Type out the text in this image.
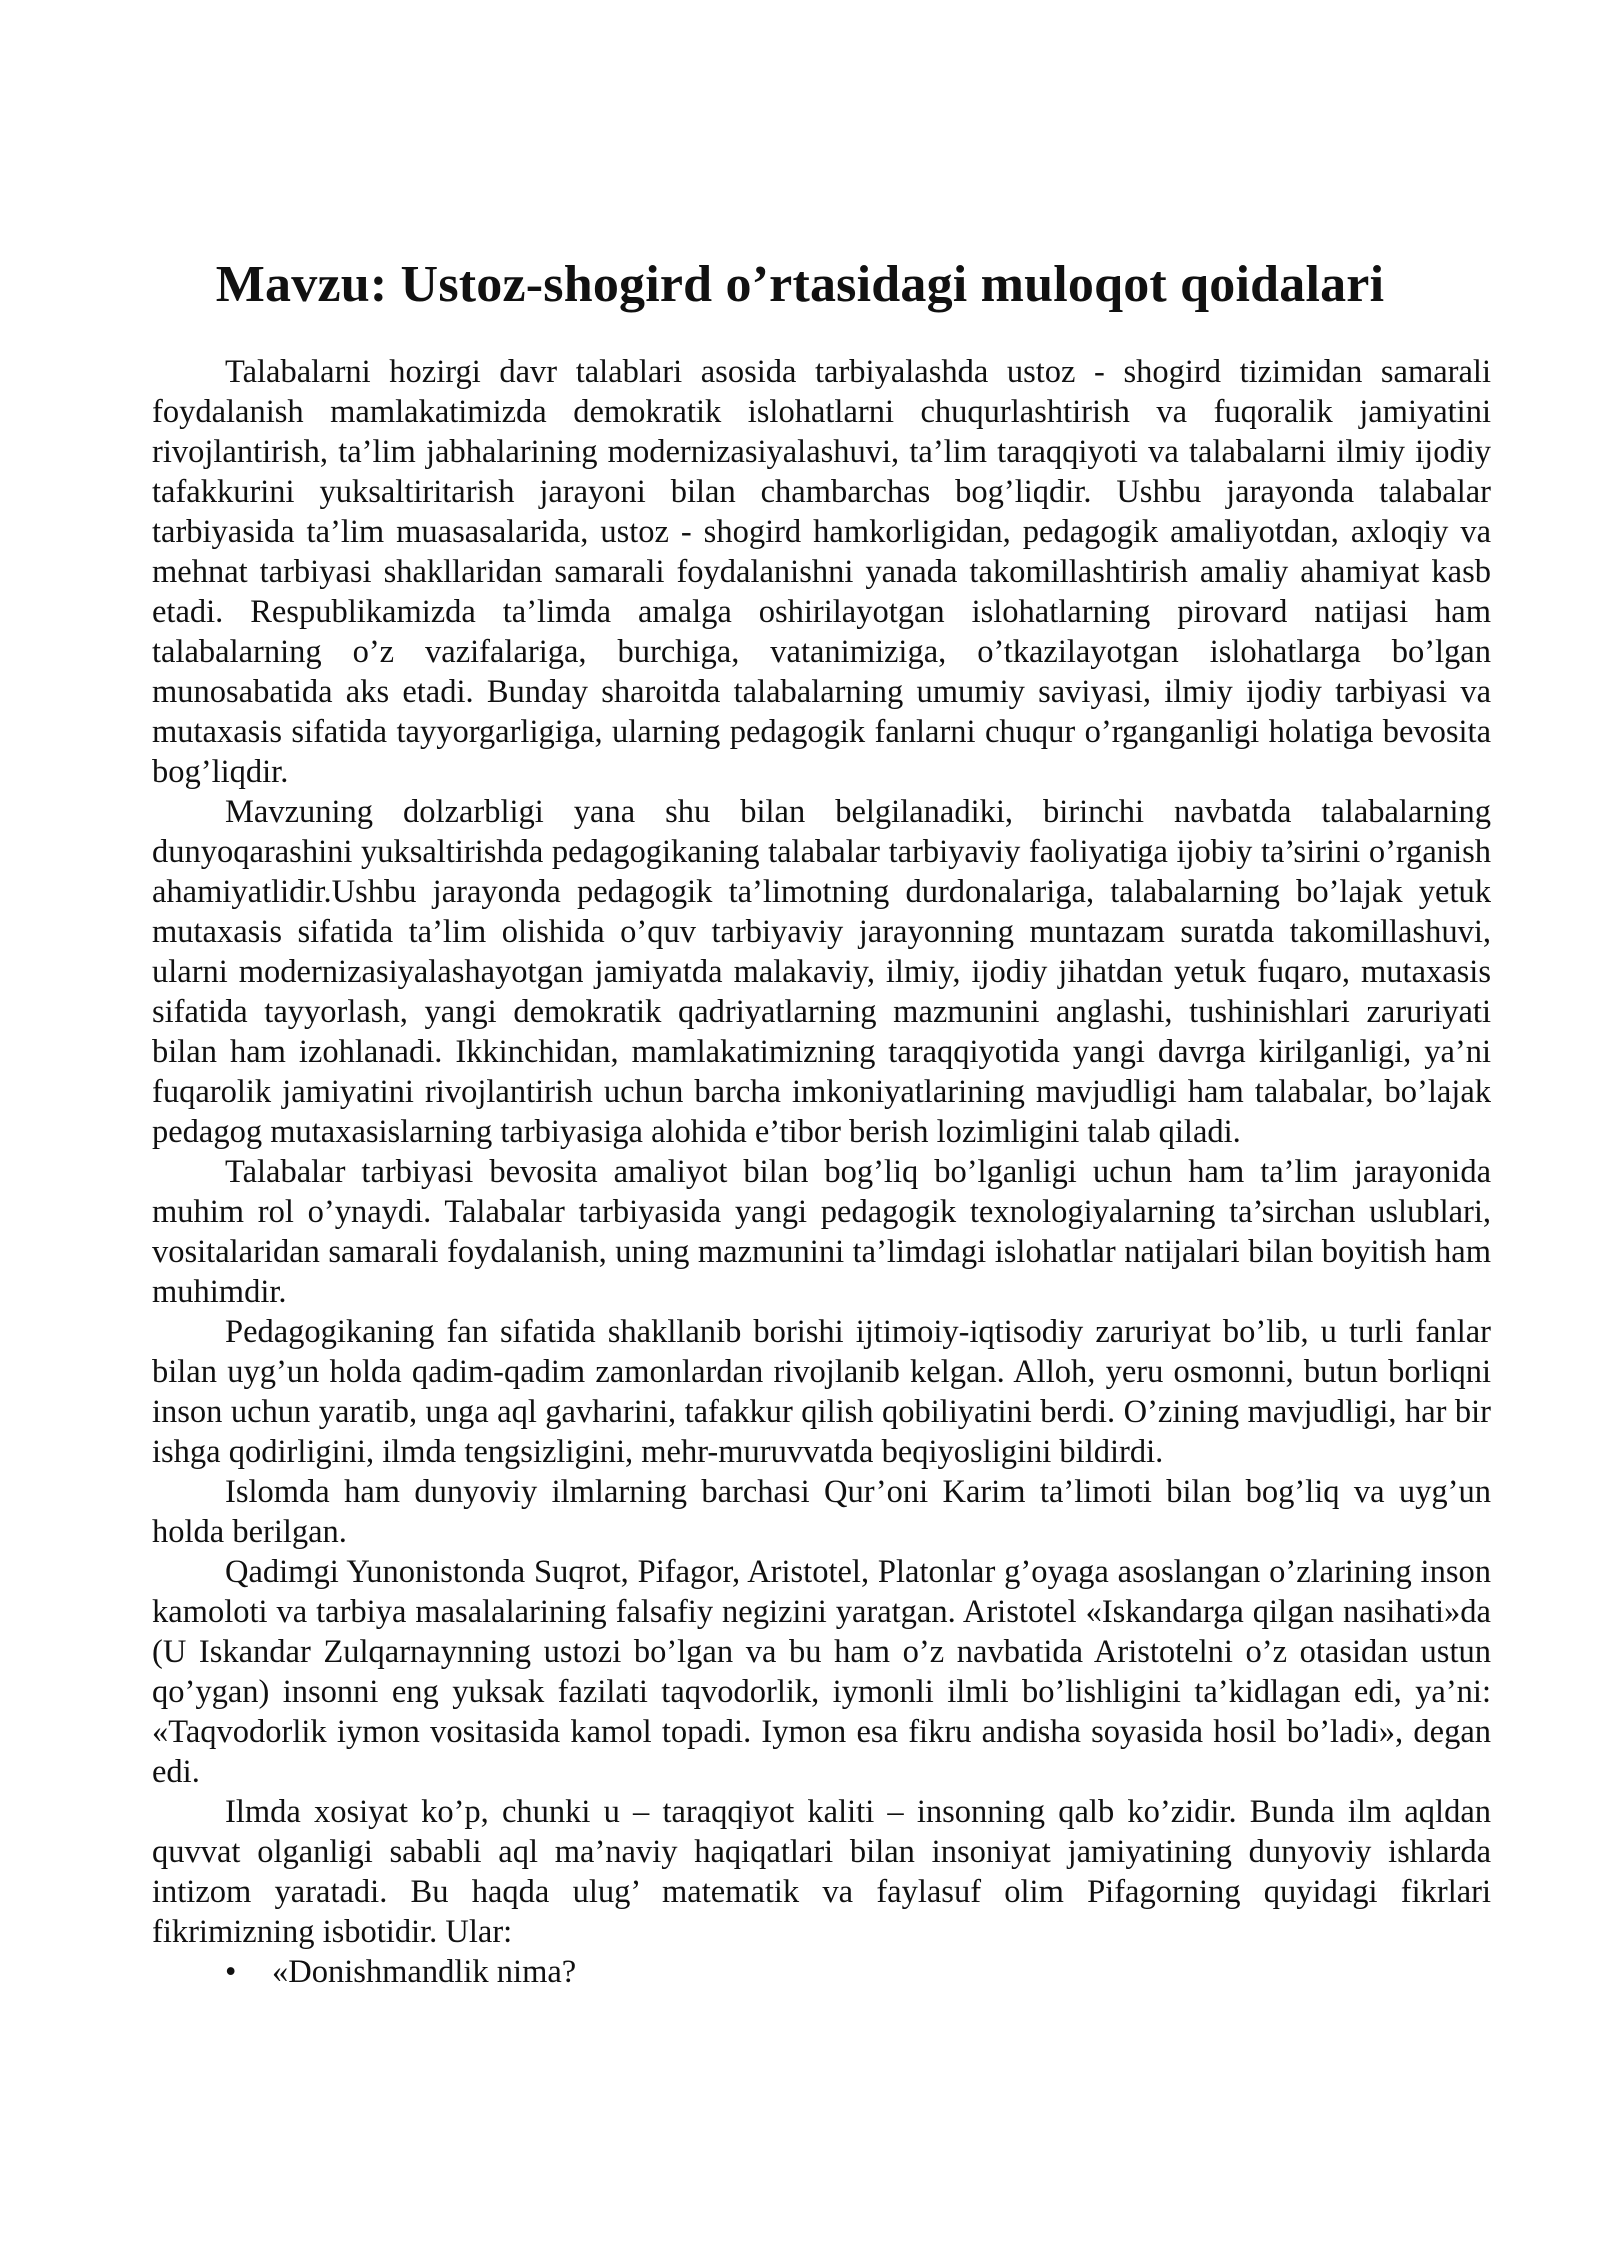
Mavzu: Ustoz-shogird o’rtasidagi muloqot qoidalari

Talabalarni hozirgi davr talablari asosida tarbiyalashda ustoz - shogird tizimidan samarali foydalanish mamlakatimizda demokratik islohatlarni chuqurlashtirish va fuqoralik jamiyatini rivojlantirish, ta’lim jabhalarining modernizasiyalashuvi, ta’lim taraqqiyoti va talabalarni ilmiy ijodiy tafakkurini yuksaltiritarish jarayoni bilan chambarchas bog’liqdir. Ushbu jarayonda talabalar tarbiyasida ta’lim muasasalarida, ustoz - shogird hamkorligidan, pedagogik amaliyotdan, axloqiy va mehnat tarbiyasi shakllaridan samarali foydalanishni yanada takomillashtirish amaliy ahamiyat kasb etadi. Respublikamizda ta’limda amalga oshirilayotgan islohatlarning pirovard natijasi ham talabalarning o’z vazifalariga, burchiga, vatanimiziga, o’tkazilayotgan islohatlarga bo’lgan munosabatida aks etadi. Bunday sharoitda talabalarning umumiy saviyasi, ilmiy ijodiy tarbiyasi va mutaxasis sifatida tayyorgarligiga, ularning pedagogik fanlarni chuqur o’rganganligi holatiga bevosita bog’liqdir.

Mavzuning dolzarbligi yana shu bilan belgilanadiki, birinchi navbatda talabalarning dunyoqarashini yuksaltirishda pedagogikaning talabalar tarbiyaviy faoliyatiga ijobiy ta’sirini o’rganish ahamiyatlidir.Ushbu jarayonda pedagogik ta’limotning durdonalariga, talabalarning bo’lajak yetuk mutaxasis sifatida ta’lim olishida o’quv tarbiyaviy jarayonning muntazam suratda takomillashuvi, ularni modernizasiyalashayotgan jamiyatda malakaviy, ilmiy, ijodiy jihatdan yetuk fuqaro, mutaxasis sifatida tayyorlash, yangi demokratik qadriyatlarning mazmunini anglashi, tushinishlari zaruriyati bilan ham izohlanadi. Ikkinchidan, mamlakatimizning taraqqiyotida yangi davrga kirilganligi, ya’ni fuqarolik jamiyatini rivojlantirish uchun barcha imkoniyatlarining mavjudligi ham talabalar, bo’lajak pedagog mutaxasislarning tarbiyasiga alohida e’tibor berish lozimligini talab qiladi.

Talabalar tarbiyasi bevosita amaliyot bilan bog’liq bo’lganligi uchun ham ta’lim jarayonida muhim rol o’ynaydi. Talabalar tarbiyasida yangi pedagogik texnologiyalarning ta’sirchan uslublari, vositalaridan samarali foydalanish, uning mazmunini ta’limdagi islohatlar natijalari bilan boyitish ham muhimdir.

Pedagogikaning fan sifatida shakllanib borishi ijtimoiy-iqtisodiy zaruriyat bo’lib, u turli fanlar bilan uyg’un holda qadim-qadim zamonlardan rivojlanib kelgan. Alloh, yeru osmonni, butun borliqni inson uchun yaratib, unga aql gavharini, tafakkur qilish qobiliyatini berdi. O’zining mavjudligi, har bir ishga qodirligini, ilmda tengsizligini, mehr-muruvvatda beqiyosligini bildirdi.

Islomda ham dunyoviy ilmlarning barchasi Qur’oni Karim ta’limoti bilan bog’liq va uyg’un holda berilgan.

Qadimgi Yunonistonda Suqrot, Pifagor, Aristotel, Platonlar g’oyaga asoslangan o’zlarining inson kamoloti va tarbiya masalalarining falsafiy negizini yaratgan. Aristotel «Iskandarga qilgan nasihati»da (U Iskandar Zulqarnaynning ustozi bo’lgan va bu ham o’z navbatida Aristotelni o’z otasidan ustun qo’ygan) insonni eng yuksak fazilati taqvodorlik, iymonli ilmli bo’lishligini ta’kidlagan edi, ya’ni: «Taqvodorlik iymon vositasida kamol topadi. Iymon esa fikru andisha soyasida hosil bo’ladi», degan edi.

Ilmda xosiyat ko’p, chunki u – taraqqiyot kaliti – insonning qalb ko’zidir. Bunda ilm aqldan quvvat olganligi sababli aql ma’naviy haqiqatlari bilan insoniyat jamiyatining dunyoviy ishlarda intizom yaratadi. Bu haqda ulug’ matematik va faylasuf olim Pifagorning quyidagi fikrlari fikrimizning isbotidir. Ular:

•	«Donishmandlik nima?
